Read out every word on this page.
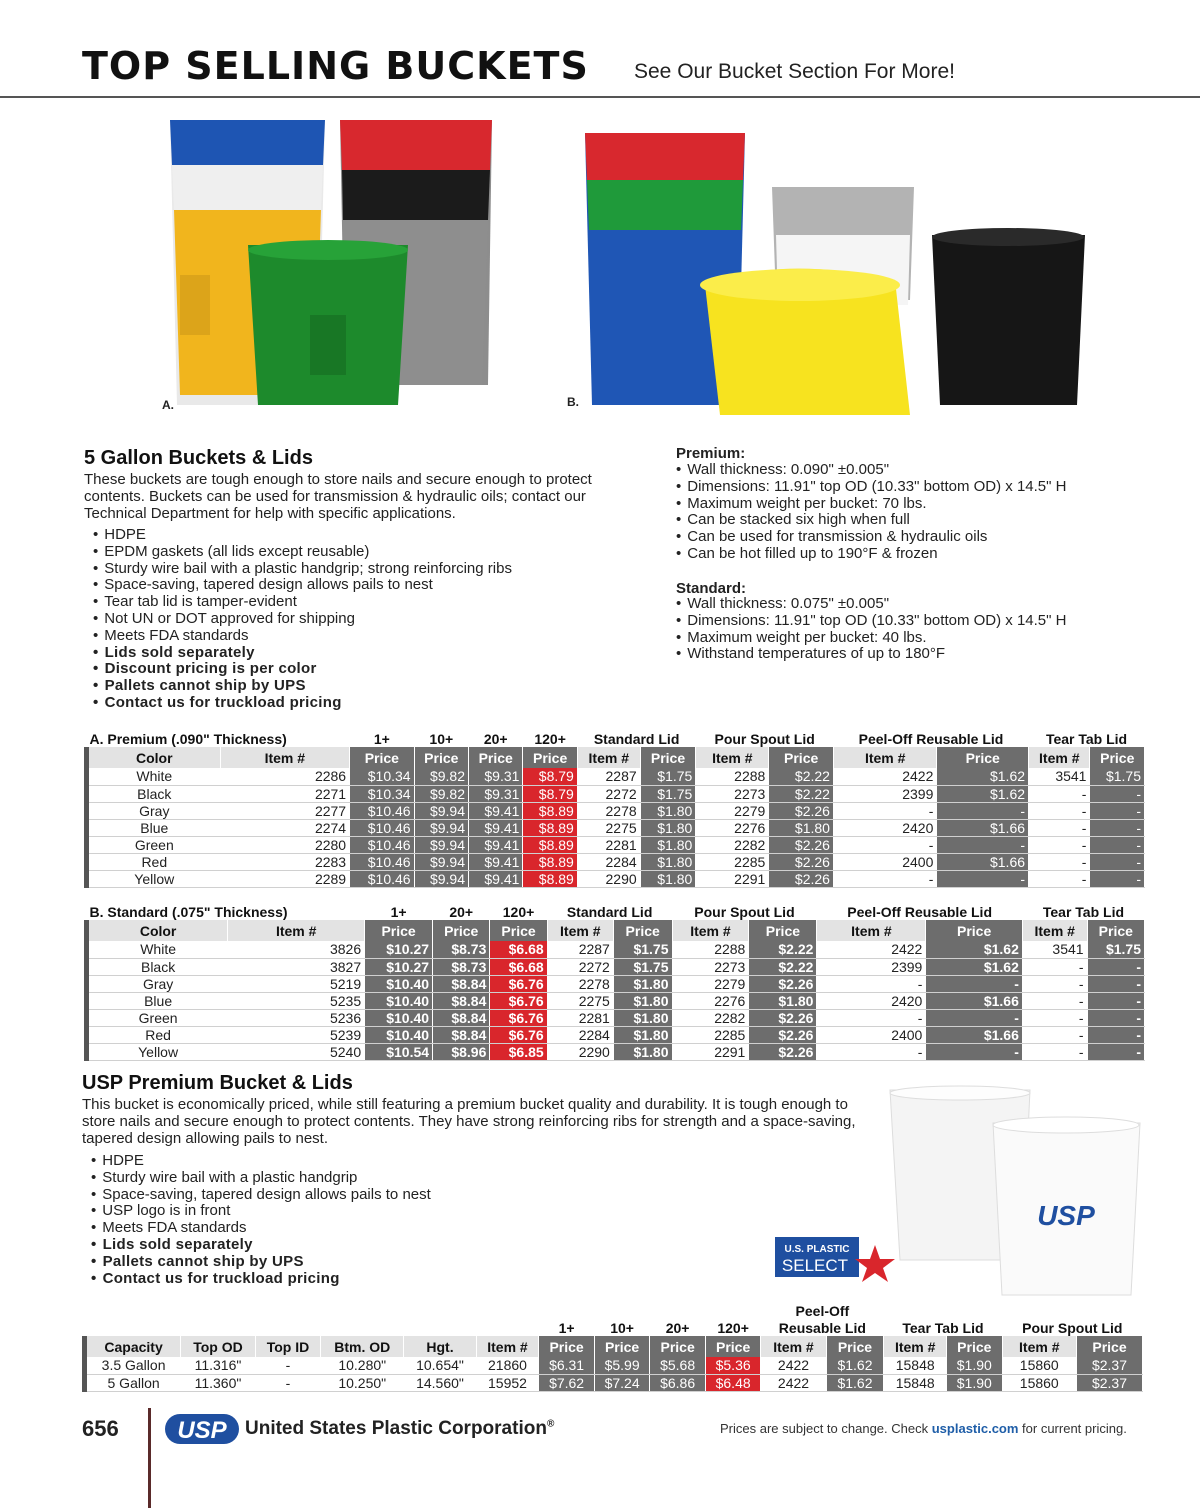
TOP SELLING BUCKETS See Our Bucket Section For More!
A.	B.
5 Gallon Buckets & Lids
These buckets are tough enough to store nails and secure enough to protect contents. Buckets can be used for transmission & hydraulic oils; contact our Technical Department for help with specific applications.
• HDPE
• EPDM gaskets (all lids except reusable)
• Sturdy wire bail with a plastic handgrip; strong reinforcing ribs
• Space-saving, tapered design allows pails to nest
• Tear tab lid is tamper-evident
• Not UN or DOT approved for shipping
• Meets FDA standards
• Lids sold separately
• Discount pricing is per color
• Pallets cannot ship by UPS
• Contact us for truckload pricing
Premium:
• Wall thickness: 0.090" ±0.005"
• Dimensions: 11.91" top OD (10.33" bottom OD) x 14.5" H
• Maximum weight per bucket: 70 lbs.
• Can be stacked six high when full
• Can be used for transmission & hydraulic oils
• Can be hot filled up to 190°F & frozen
Standard:
• Wall thickness: 0.075" ±0.005"
• Dimensions: 11.91" top OD (10.33" bottom OD) x 14.5" H
• Maximum weight per bucket: 40 lbs.
• Withstand temperatures of up to 180°F
A. Premium (.090" Thickness)		1+	10+	20+	120+	Standard Lid		Pour Spout Lid		Peel-Off Reusable Lid		Tear Tab Lid	
Color	Item #	Price	Price	Price	Price	Item #	Price	Item #	Price	Item #	Price	Item #	Price
White	2286	$10.34	$9.82	$9.31	$8.79	2287	$1.75	2288	$2.22	2422	$1.62	3541	$1.75
Black	2271	$10.34	$9.82	$9.31	$8.79	2272	$1.75	2273	$2.22	2399	$1.62	-	-
Gray	2277	$10.46	$9.94	$9.41	$8.89	2278	$1.80	2279	$2.26	-	-	-	-
Blue	2274	$10.46	$9.94	$9.41	$8.89	2275	$1.80	2276	$1.80	2420	$1.66	-	-
Green	2280	$10.46	$9.94	$9.41	$8.89	2281	$1.80	2282	$2.26	-	-	-	-
Red	2283	$10.46	$9.94	$9.41	$8.89	2284	$1.80	2285	$2.26	2400	$1.66	-	-
Yellow	2289	$10.46	$9.94	$9.41	$8.89	2290	$1.80	2291	$2.26	-	-	-	-
B. Standard (.075" Thickness)		1+	20+	120+	Standard Lid		Pour Spout Lid		Peel-Off Reusable Lid		Tear Tab Lid	
Color	Item #	Price	Price	Price	Item #	Price	Item #	Price	Item #	Price	Item #	Price
White	3826	$10.27	$8.73	$6.68	2287	$1.75	2288	$2.22	2422	$1.62	3541	$1.75
Black	3827	$10.27	$8.73	$6.68	2272	$1.75	2273	$2.22	2399	$1.62	-	-
Gray	5219	$10.40	$8.84	$6.76	2278	$1.80	2279	$2.26	-	-	-	-
Blue	5235	$10.40	$8.84	$6.76	2275	$1.80	2276	$1.80	2420	$1.66	-	-
Green	5236	$10.40	$8.84	$6.76	2281	$1.80	2282	$2.26	-	-	-	-
Red	5239	$10.40	$8.84	$6.76	2284	$1.80	2285	$2.26	2400	$1.66	-	-
Yellow	5240	$10.54	$8.96	$6.85	2290	$1.80	2291	$2.26	-	-	-	-
USP Premium Bucket & Lids
This bucket is economically priced, while still featuring a premium bucket quality and durability. It is tough enough to store nails and secure enough to protect contents. They have strong reinforcing ribs for strength and a space-saving, tapered design allowing pails to nest.
• HDPE
• Sturdy wire bail with a plastic handgrip
• Space-saving, tapered design allows pails to nest
• USP logo is in front
• Meets FDA standards
• Lids sold separately
• Pallets cannot ship by UPS
• Contact us for truckload pricing
USP
U.S. PLASTIC
SELECT
										Peel-Off					
						1+	10+	20+	120+	Reusable Lid		Tear Tab Lid		Pour Spout Lid	
Capacity	Top OD	Top ID	Btm. OD	Hgt.	Item #	Price	Price	Price	Price	Item #	Price	Item #	Price	Item #	Price
3.5 Gallon	11.316"	-	10.280"	10.654"	21860	$6.31	$5.99	$5.68	$5.36	2422	$1.62	15848	$1.90	15860	$2.37
5 Gallon	11.360"	-	10.250"	14.560"	15952	$7.62	$7.24	$6.86	$6.48	2422	$1.62	15848	$1.90	15860	$2.37
656 USP United States Plastic Corporation®	Prices are subject to change. Check usplastic.com for current pricing.
